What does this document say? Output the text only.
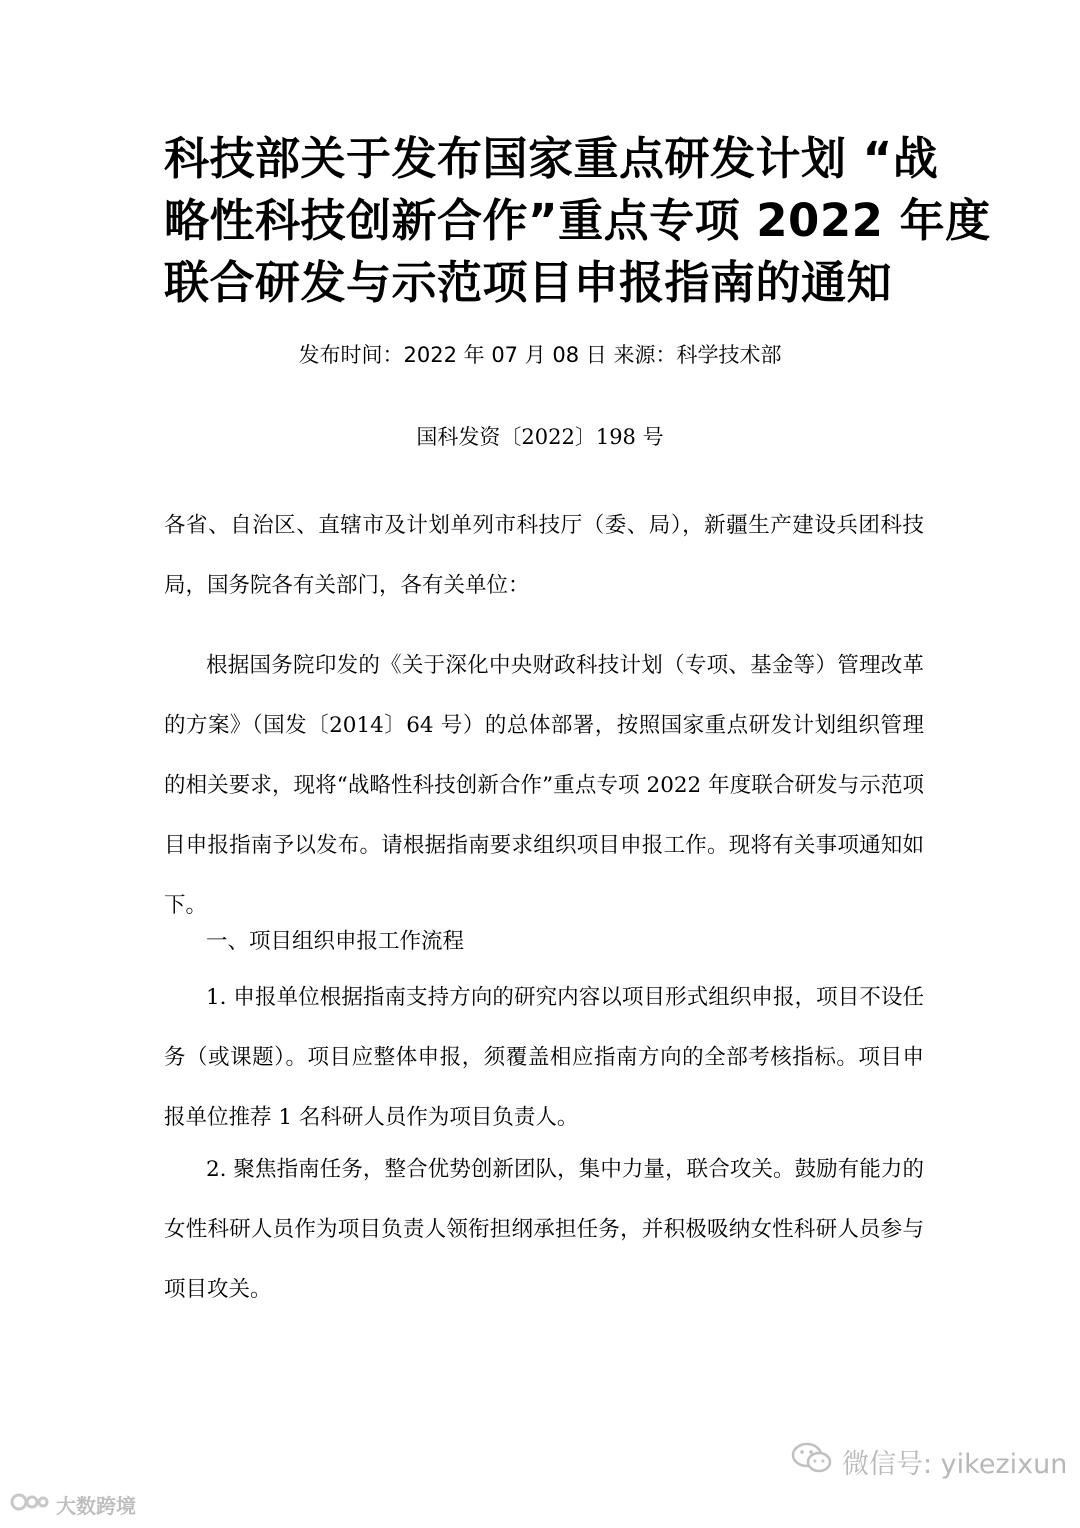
科技部关于发布国家重点研发计划 “战
略性科技创新合作”重点专项 2022 年度
联合研发与示范项目申报指南的通知
发布时间：2022 年 07 月 08 日 来源：科学技术部
国科发资〔2022〕198 号

各省、自治区、直辖市及计划单列市科技厅（委、局），新疆生产建设兵团科技局，国务院各有关部门，各有关单位：

根据国务院印发的《关于深化中央财政科技计划（专项、基金等）管理改革的方案》（国发〔2014〕64 号）的总体部署，按照国家重点研发计划组织管理的相关要求，现将“战略性科技创新合作”重点专项 2022 年度联合研发与示范项目申报指南予以发布。请根据指南要求组织项目申报工作。现将有关事项通知如下。

一、项目组织申报工作流程

1. 申报单位根据指南支持方向的研究内容以项目形式组织申报，项目不设任务（或课题）。项目应整体申报，须覆盖相应指南方向的全部考核指标。项目申报单位推荐 1 名科研人员作为项目负责人。

2. 聚焦指南任务，整合优势创新团队，集中力量，联合攻关。鼓励有能力的女性科研人员作为项目负责人领衔担纲承担任务，并积极吸纳女性科研人员参与项目攻关。

大数跨境
微信号: yikezixun
